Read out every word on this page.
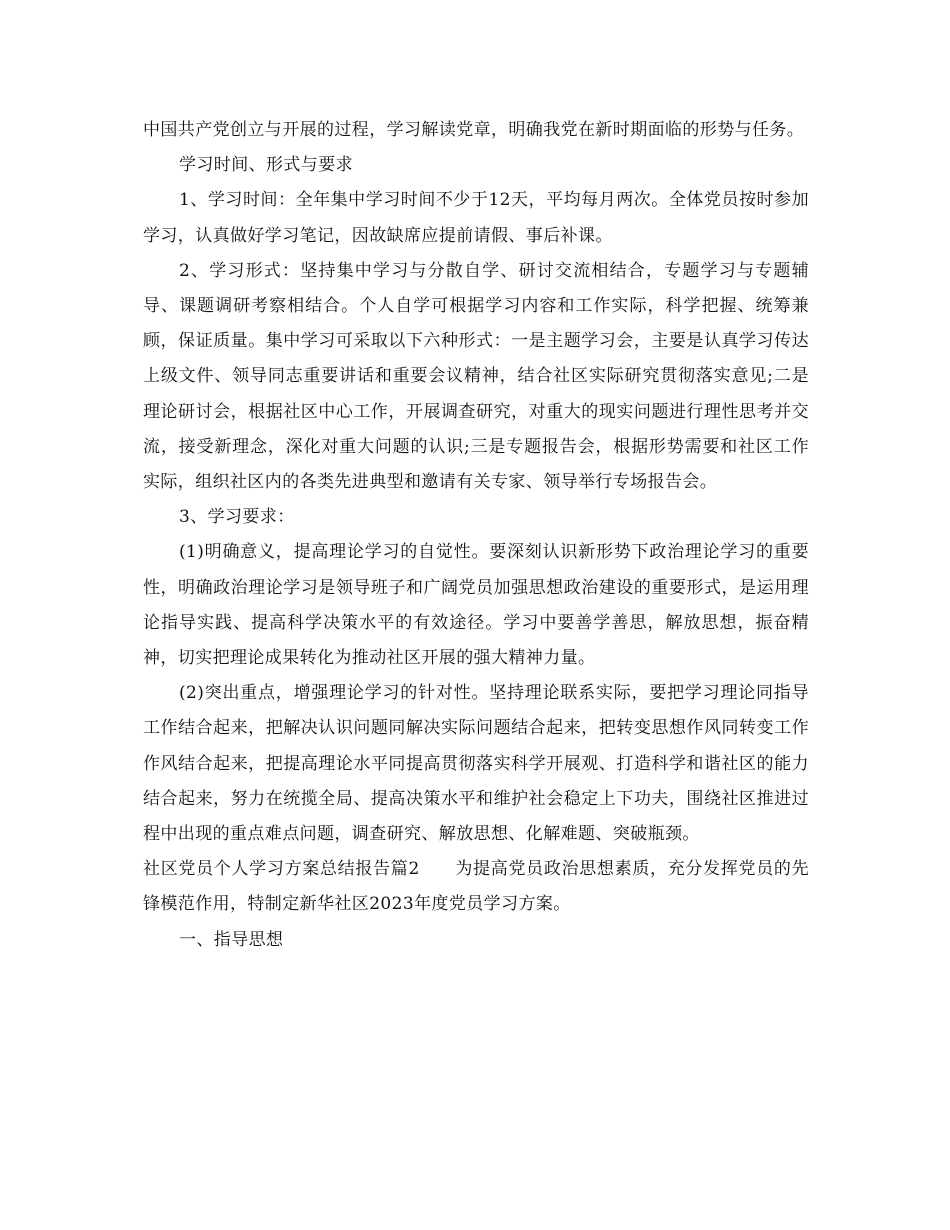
中国共产党创立与开展的过程，学习解读党章，明确我党在新时期面临的形势与任务。

学习时间、形式与要求

1、学习时间：全年集中学习时间不少于12天，平均每月两次。全体党员按时参加学习，认真做好学习笔记，因故缺席应提前请假、事后补课。

2、学习形式：坚持集中学习与分散自学、研讨交流相结合，专题学习与专题辅导、课题调研考察相结合。个人自学可根据学习内容和工作实际，科学把握、统筹兼顾，保证质量。集中学习可采取以下六种形式：一是主题学习会，主要是认真学习传达上级文件、领导同志重要讲话和重要会议精神，结合社区实际研究贯彻落实意见;二是理论研讨会，根据社区中心工作，开展调查研究，对重大的现实问题进行理性思考并交流，接受新理念，深化对重大问题的认识;三是专题报告会，根据形势需要和社区工作实际，组织社区内的各类先进典型和邀请有关专家、领导举行专场报告会。

3、学习要求：

(1)明确意义，提高理论学习的自觉性。要深刻认识新形势下政治理论学习的重要性，明确政治理论学习是领导班子和广阔党员加强思想政治建设的重要形式，是运用理论指导实践、提高科学决策水平的有效途径。学习中要善学善思，解放思想，振奋精神，切实把理论成果转化为推动社区开展的强大精神力量。

(2)突出重点，增强理论学习的针对性。坚持理论联系实际，要把学习理论同指导工作结合起来，把解决认识问题同解决实际问题结合起来，把转变思想作风同转变工作作风结合起来，把提高理论水平同提高贯彻落实科学开展观、打造科学和谐社区的能力结合起来，努力在统揽全局、提高决策水平和维护社会稳定上下功夫，围绕社区推进过程中出现的重点难点问题，调查研究、解放思想、化解难题、突破瓶颈。

社区党员个人学习方案总结报告篇2　　为提高党员政治思想素质，充分发挥党员的先锋模范作用，特制定新华社区2023年度党员学习方案。

一、指导思想
